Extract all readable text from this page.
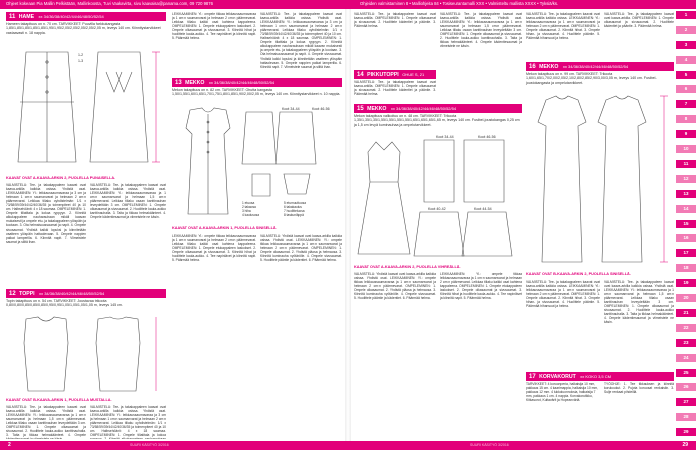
Ohjeet kokeaan Pia Mallin Pelkistään, Mallinkoosta, Tuvi Vaakavirta, sivu kaavaisa@panama.com, 09 720 9876	Ohjeiden valmistaminen 8 • Malliohjeita 84 • Tosiseurantamalli XXX • Valmisteltu mallista XXXX • Tyksiä/ks.
11 HAME xx 34/36/38/40/42/44/46/48/50/52/54
Hameen takapituus on n. 70 cm. TARVIKKEET: Puuvilla farkkukangasta 1,85/1,85/1,85/1,85/1,85/1,95/1,95/2,05/2,05/2,05/2,05/2,05 m, leveys 140 cm. Kiinnitystarvikkeet vastaavasti n. 18 nappia.
1-2
1-3
KAAVAT OVAT A-KAAVA-ARKIN 2, PUOLELLA PUNAISELLA.
VALMISTELU: Tee- ja takakappaleen kaavat ovat kaava-arkilla kaikkia osissa. Yhdistä osat. LEIKKAAMINEN: Yl.: leikkaussaumavaraa ja 3 cm ja helmaan 1 cm:n saumanvarat ja helmaan 2 cm:n päärmevarat. Leikkaa tiliaku oyhdistelmän: 1/1 x 73/58/59/39/44/42/40/36/35 ja toimenpiteet 40 ja 10 cm. Halbsehöänit: 4 x 18 saumaa. OMPELEMINEN: 1. Ompele tiliatitala ja kokoa ryppyyn. 2. Kiinnitä alkukappaleen nauharauhaan mikäli kaavan mukaisesti ja ompele etu- ja takakappaleen ylöspäin ja kootaan. 3. Ota helmaisuussaumat ja napit. 4. Ompele sivusaumat. Yhdistä kaikki lopuksi ja kiinnitetään vaatteen ylöspäin hattaolevaan. 5. Ompele nappien paikat lamperilla. 6. Kiinnitä napit. 7. Viimeistele saumat ja silitä ihan.
VALMISTELU: Tee- ja takakappaleen kaavat ovat kaava-arkilla kaikkia osissa. Yhdistä osat. LEIKKAAMINEN: Yl.: leikkaussaumavaraa ja 1 cm:n saumanvarat ja helmaan 1,5 cm:n päärmevarat. Leikkaa tiliaku osaan kanttinauhan leveydeltään 3 cm. OMPELEMINEN: 1. Ompele olkasaumat ja sivusaumat. 2. Huolittele kaula-aukko kanttinauhalla. 3. Taita ja tikkaa helmakäänteet. 4. Ompele kädentiesaumat ja viimeistele ne käsin.
12 TOPPI xx 34/36/38/40/42/44/46/48/50/52/54
Topin takapituus on n. 54 cm. TARVIKKEET: Joustavaa trikoota 0,80/0,80/0,85/0,85/0,85/0,95/0,95/1,05/1,05/1,05/1,05 m, leveys 145 cm.
KAAVAT OVAT B-KAAVA-ARKIN 1, PUOLELLA MUSTALLA.
VALMISTELU: Tee- ja takakappaleen kaavat ovat kaava-arkilla kaikkia osissa. Yhdistä osat. LEIKKAAMINEN: Yl.: leikkaussaumavaraa ja 1 cm:n saumanvarat ja helmaan 1,5 cm:n päärmevarat. Leikkaa tiliaku osaan kanttinauhan leveydeltään 3 cm. OMPELEMINEN: 1. Ompele olkasaumat ja sivusaumat. 2. Huolittele kaula-aukko kanttinauhalla. 3. Taita ja tikkaa helmakäänteet. 4. Ompele
VALMISTELU: Tee- ja takakappaleen kaavat ovat kaava-arkilla kaikkia osissa. Yhdistä osat. LEIKKAAMINEN: Yl.: leikkaussaumavaraa ja 3 cm ja helmaan 1 cm:n saumanvarat ja helmaan 2 cm:n päärmevarat. Leikkaa tiliaku oyhdistelmän: 1/1 x 73/58/59/39/44/42/40/36/35 ja toimenpiteet 40 ja 10 cm. Halbsehöänit: 4 x 18 saumaa. OMPELEMINEN: 1. Ompele tiliatitala ja kokoa
LEIKKAAMINEN: Yl.: ompele tikkaa leikkaussaumavaraa ja 1 cm:n saumanvarat ja helmaan 2 cm:n päärmevarat. Leikkaa tiliaku kaikki osat kahtena kappaleena. OMPELEMINEN: 1. Ompele etukappaleen laskokset. 2. Ompele olkasaumat ja sivusaumat. 3. Kiinnitä hihat ja huolittele kaula-aukko. 4. Tee napinlävet ja kiinnitä napit. 5. Päärmää helma.
VALMISTELU: Tee- ja takakappaleen kaavat ovat kaava-arkilla kaikkia osissa. Yhdistä osat. LEIKKAAMINEN: Yl.: leikkaussaumavaraa ja 3 cm ja helmaan 1 cm:n saumanvarat ja helmaan 2 cm:n päärmevarat. Leikkaa tiliaku oyhdistelmän: 1/1 x 73/58/59/39/44/42/40/36/35 ja toimenpiteet 40 ja 10 cm. Halbsehöänit: 4 x 18 saumaa. OMPELEMINEN: 1. Ompele tiliatitala ja kokoa ryppyyn. 2. Kiinnitä alkukappaleen nauharauhaan mikäli kaavan mukaisesti ja ompele etu- ja takakappaleen ylöspäin ja kootaan. 3. Ota helmaisuussaumat ja napit. 4. Ompele sivusaumat. Yhdistä kaikki lopuksi ja kiinnitetään vaatteen ylöspäin hattaolevaan. 5. Ompele nappien paikat lamperilla. 6. Kiinnitä napit. 7. Viimeistele saumat ja silitä ihan.
13 MEKKO xx 34/36/38/40/42/44/46/48/50/52/54
Mekon takapituus on n. 82 cm. TARVIKKEET: Ohutta kangasta 1,50/1,55/1,60/1,65/1,70/1,75/1,80/1,85/1,90/2,00/2,05 m, leveys 140 cm. Kiinnitystarvikkeet n. 10 nappia.
Koot 34-44	Koot 46-56
1 etuosa
2 takaosa
3 hiha
4 kaulusosa
5 etumuuttuosa
6 takakaulus
7 huolitteluosa
8 taskunläppä
KAAVAT OVAT A-KAAVA-ARKIN 1, PUOLELLA SINISELLÄ.
LEIKKAAMINEN: Yl.: ompele tikkaa leikkaussaumavaraa ja 1 cm:n saumanvarat ja helmaan 2 cm:n päärmevarat. Leikkaa tiliaku kaikki osat kahtena kappaleena. OMPELEMINEN: 1. Ompele etukappaleen laskokset. 2. Ompele olkasaumat ja sivusaumat. 3. Kiinnitä hihat ja huolittele kaula-aukko. 4. Tee napinlävet ja kiinnitä napit. 5. Päärmää helma.
VALMISTELU: Yhdistä kaavat ovat kaava-arkilla kaikkia osissa. Yhdistä osat. LEIKKAAMINEN: Yl.: ompele tikkaa leikkaussaumavaraa ja 1 cm:n saumanvarat ja helmaan 2 cm:n päärmevarat. OMPELEMINEN: 1. Ompele olkasaumat. 2. Yhdistä yläosa ja helmaosa. 3. Kiinnitä kuminauha vyötärölle. 4. Ompele sivusaumat. 5. Huolittele pääntie ja kädentiet. 6. Päärmää helma.
VALMISTELU: Tee- ja takakappaleen kaavat ovat kaava-arkilla. OMPELEMINEN: 1. Ompele olkasaumat ja sivusaumat. 2. Huolittele kädentiet ja pääntie. 3. Päärmää helma.
14 PIKKUTOPPI OHUE S, 21
VALMISTELU: Tee- ja takakappaleen kaavat ovat kaava-arkilla. OMPELEMINEN: 1. Ompele olkasaumat ja sivusaumat. 2. Huolittele kädentiet ja pääntie. 3. Päärmää helma.
VALMISTELU: Tee- ja takakappaleen kaavat ovat kaava-arkilla kaikkia osissa. Yhdistä osat. LEIKKAAMINEN: Yl.: leikkaussaumavaraa ja 1 cm:n saumanvarat ja helmaan 1,5 cm:n päärmevarat. Leikkaa tiliaku osaan kanttinauhan leveydeltään 3 cm. OMPELEMINEN: 1. Ompele olkasaumat ja sivusaumat. 2. Huolittele kaula-aukko kanttinauhalla. 3. Taita ja tikkaa helmakäänteet. 4. Ompele kädentiesaumat ja viimeistele ne käsin.
15 MEKKO xx 34/36/38/40/42/44/46/48/50/52/54
Mekon takapituus valikoituu on n. 48 cm. TARVIKKEET: Trikoota 1,35/1,35/1,35/1,55/1,55/1,55/1,55/1,65/1,65/1,65/1,65 m, leveys 140 cm. Fusibel-joustokangas 0,25 cm ja 1,5 cm levyä kuminauhaa ja ompelutarvikkeet.
Koot 34-44	Koot 46-56
Koot 40-42	Koot 44-54
KAAVAT OVAT A-KAAVA-ARKIN 2, PUOLELLA VIHREÄLLÄ.
VALMISTELU: Yhdistä kaavat ovat kaava-arkilla kaikkia osissa. Yhdistä osat. LEIKKAAMINEN: Yl.: ompele tikkaa leikkaussaumavaraa ja 1 cm:n saumanvarat ja helmaan 2 cm:n päärmevarat. OMPELEMINEN: 1. Ompele olkasaumat. 2. Yhdistä yläosa ja helmaosa. 3. Kiinnitä kuminauha vyötärölle. 4. Ompele sivusaumat. 5. Huolittele pääntie ja kädentiet. 6. Päärmää helma.
LEIKKAAMINEN: Yl.: ompele tikkaa leikkaussaumavaraa ja 1 cm:n saumanvarat ja helmaan 2 cm:n päärmevarat. Leikkaa tiliaku kaikki osat kahtena kappaleena. OMPELEMINEN: 1. Ompele etukappaleen laskokset. 2. Ompele olkasaumat ja sivusaumat. 3. Kiinnitä hihat ja huolittele kaula-aukko. 4. Tee napinlävet ja kiinnitä napit. 5. Päärmää helma.
VALMISTELU: Tee- ja takakappaleen kaavat ovat kaava-arkilla kaikkia osissa. LEIKKAAMINEN: Yl.: leikkaussaumavaraa ja 1 cm:n saumanvarat ja helmaan 2 cm:n päärmevarat. OMPELEMINEN: 1. Ompele olkasaumat. 2. Kiinnitä hihat. 3. Ompele hihan- ja sivusaumat. 4. Huolittele pääntie. 5. Päärmää hihansuut ja helma.
VALMISTELU: Tee- ja takakappaleen kaavat ovat kaava-arkilla. OMPELEMINEN: 1. Ompele olkasaumat ja sivusaumat. 2. Huolittele kädentiet ja pääntie. 3. Päärmää helma.
16 MEKKO xx 34/36/38/40/42/44/46/48/50/52/54
Mekon takapituus on n. 99 cm. TARVIKKEET: Trikoota 1,60/1,65/1,70/2,00/2,05/2,10/2,80/2,85/2,90/3,00/3,05 m, leveys 140 cm. Fusibel-joustokangasta ja ompelutarvikkeet.
KAAVAT OVAT B-KAAVA-ARKIN 2, PUOLELLA SINISELLÄ.
VALMISTELU: Tee- ja takakappaleen kaavat ovat kaava-arkilla kaikkia osissa. LEIKKAAMINEN: Yl.: leikkaussaumavaraa ja 1 cm:n saumanvarat ja helmaan 2 cm:n päärmevarat. OMPELEMINEN: 1. Ompele olkasaumat. 2. Kiinnitä hihat. 3. Ompele hihan- ja sivusaumat. 4. Huolittele pääntie. 5. Päärmää hihansuut ja helma.
VALMISTELU: Tee- ja takakappaleen kaavat ovat kaava-arkilla kaikkia osissa. Yhdistä osat. LEIKKAAMINEN: Yl.: leikkaussaumavaraa ja 1 cm:n saumanvarat ja helmaan 1,5 cm:n päärmevarat. Leikkaa tiliaku osaan kanttinauhan leveydeltään 3 cm. OMPELEMINEN: 1. Ompele olkasaumat ja sivusaumat. 2. Huolittele kaula-aukko kanttinauhalla. 3. Taita ja tikkaa helmakäänteet. 4. Ompele kädentiesaumat ja viimeistele ne käsin.
17 KORVAKORUT xx KOKO 3,5 CM
TARVIKKEET: 4 koruonperia, halkaisija 10 mm, pakkaus 15 cm. 4 kaarimappia, halkaisija 10 mm, pakkaus 12 mm. 4 lukkoluonnoksia, halkaisija 7 mm, pakkaus 1 cm. 4 nappia. Korvakorutikku, Kitkasorot, Kultavärit ja Hopeanväriä.
TYÖOHJE: 1. Tee tikkauksen ja kiinnitä korukoukut. 2. Pujota koruosat renkaisiin. 3. Sulje renkaat pihdeillä.
1
2
3
4
5
6
7
8
9
10
11
12
13
14
15
16
17
18
19
20
21
22
23
24
25
26
27
28
29
2	SUURI KÄSITYÖ 3/2016	SUURI KÄSITYÖ 3/2016	29
